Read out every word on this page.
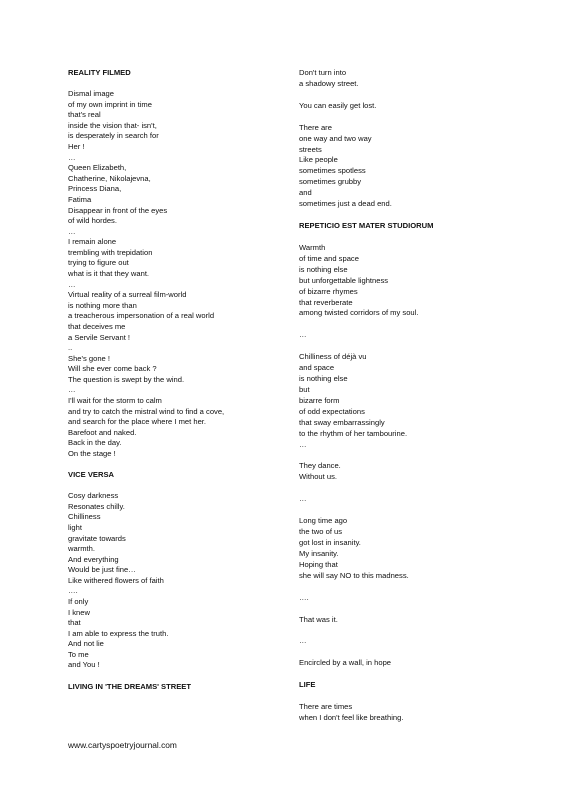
REALITY FILMED
Dismal image
of my own imprint in time
that's real
inside the vision that- isn't,
is desperately in search for
Her !
…
Queen Elizabeth,
Chatherine, Nikolajevna,
Princess Diana,
Fatima
Disappear in front of the eyes
of wild hordes.
…
I remain alone
trembling with trepidation
trying to figure out
what is it that they want.
…
Virtual reality of a surreal film-world
is nothing more than
a treacherous impersonation of a real world
that deceives me
a Servile Servant !
..
She's gone !
Will she ever come back ?
The question is swept by the wind.
…
I'll wait for the storm to calm
and try to catch the mistral wind to find a cove,
and search for the place where I met her.
Barefoot and naked.
Back in the day.
On the stage !
VICE VERSA
Cosy darkness
Resonates chilly.
Chilliness
light
gravitate towards
warmth.
And everything
Would be just fine…
Like withered flowers of faith
….
If only
I knew
that
I am able to express the truth.
And not lie
To me
and You !
LIVING IN 'THE DREAMS' STREET
Don't turn into
a shadowy street.
You can easily get lost.
There are
one way and two way
streets
Like people
sometimes spotless
sometimes grubby
and
sometimes just a dead end.
REPETICIO EST MATER STUDIORUM
Warmth
of time and space
is nothing else
but unforgettable lightness
of bizarre rhymes
that reverberate
among twisted corridors of my soul.
…
Chilliness of déjà vu
and space
is nothing else
but
bizarre form
of odd expectations
that sway embarrassingly
to the rhythm of her tambourine.
…
They dance.
Without us.
…
Long time ago
the two of us
got lost in insanity.
My insanity.
Hoping that
she will say NO to this madness.
….
That was it.
…
Encircled by a wall, in hope
LIFE
There are times
when I don't feel like breathing.
www.cartyspoetryjournal.com
